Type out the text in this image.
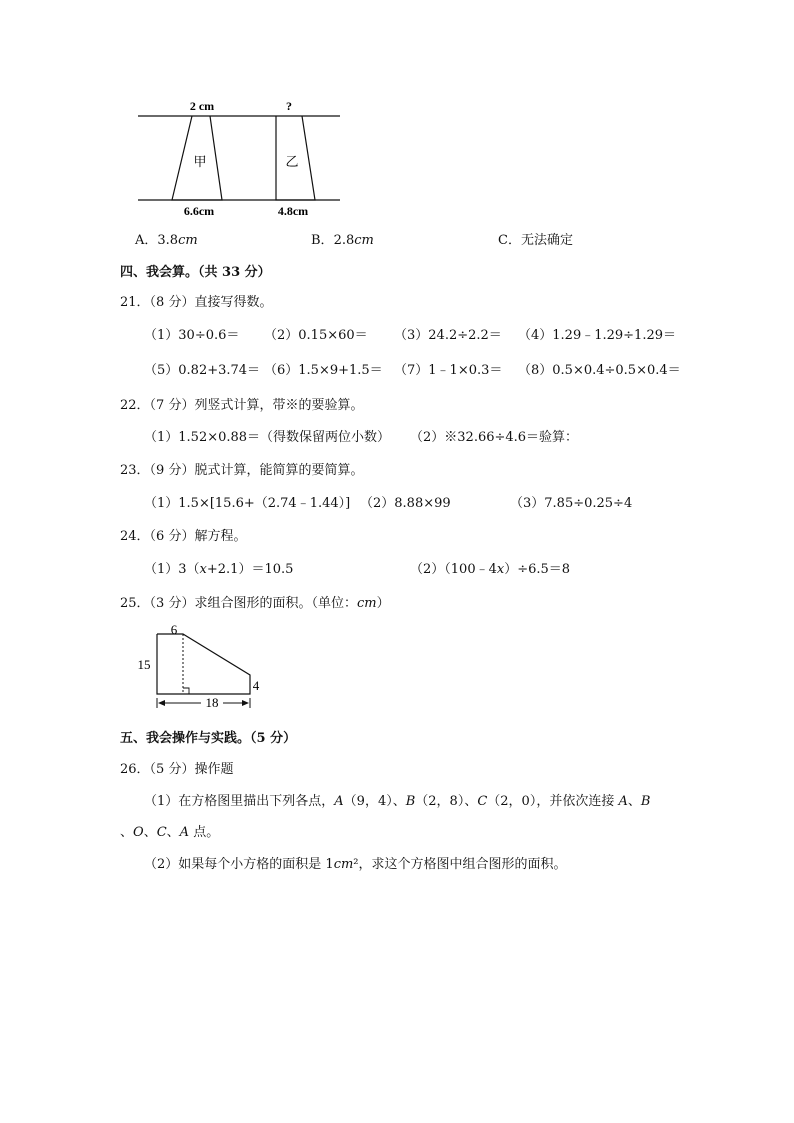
2 cm	?
甲	乙
6.6cm	4.8cm
A．3.8cm	B．2.8cm	C．无法确定
四、我会算。（共 33 分）
21．（8 分）直接写得数。
（1）30÷0.6＝ （2）0.15×60＝ （3）24.2÷2.2＝ （4）1.29﹣1.29÷1.29＝
（5）0.82+3.74＝ （6）1.5×9+1.5＝ （7）1﹣1×0.3＝ （8）0.5×0.4÷0.5×0.4＝
22．（7 分）列竖式计算，带※的要验算。
（1）1.52×0.88＝（得数保留两位小数） （2）※32.66÷4.6＝验算：
23．（9 分）脱式计算，能简算的要简算。
（1）1.5×[15.6+（2.74﹣1.44）] （2）8.88×99	（3）7.85÷0.25÷4
24．（6 分）解方程。
（1）3（x+2.1）＝10.5	（2）（100﹣4x）÷6.5＝8
25．（3 分）求组合图形的面积。（单位：cm）
6
15
4
18
五、我会操作与实践。（5 分）
26．（5 分）操作题
（1）在方格图里描出下列各点，A（9，4）、B（2，8）、C（2，0），并依次连接 A、B
、O、C、A 点。
（2）如果每个小方格的面积是 1cm²，求这个方格图中组合图形的面积。
